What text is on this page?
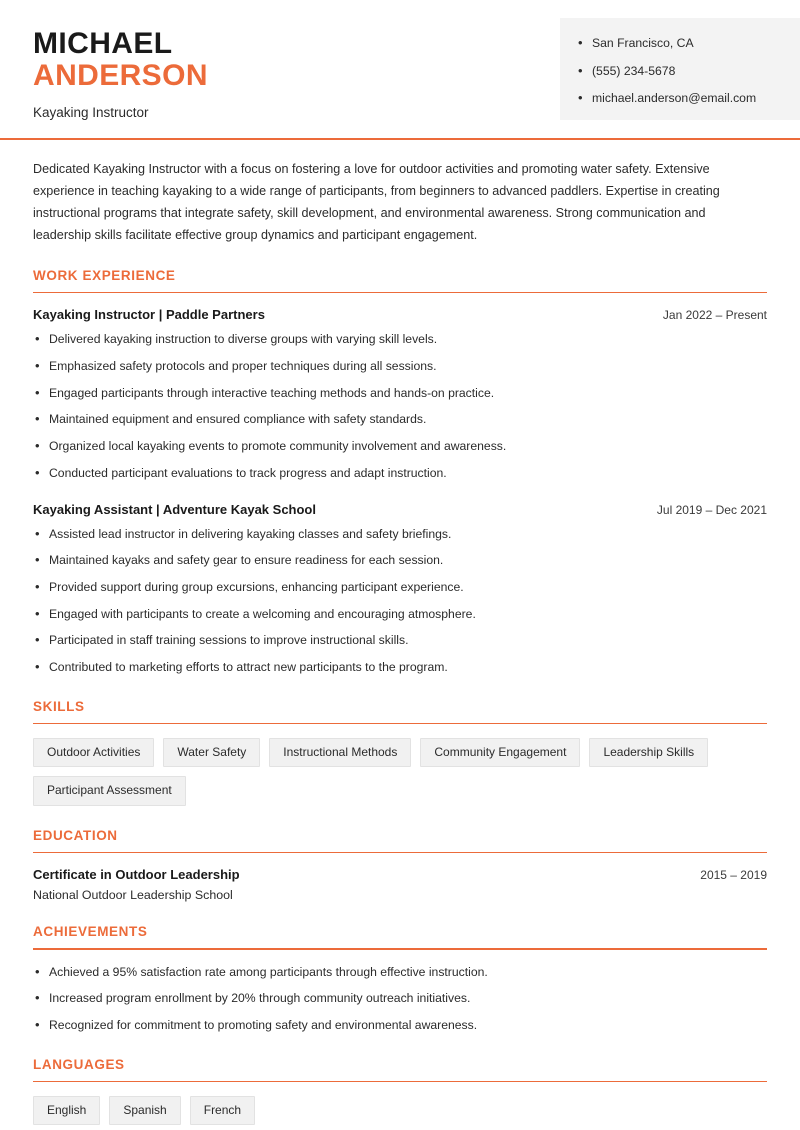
MICHAEL
ANDERSON
Kayaking Instructor
• San Francisco, CA
• (555) 234-5678
• michael.anderson@email.com
Dedicated Kayaking Instructor with a focus on fostering a love for outdoor activities and promoting water safety. Extensive experience in teaching kayaking to a wide range of participants, from beginners to advanced paddlers. Expertise in creating instructional programs that integrate safety, skill development, and environmental awareness. Strong communication and leadership skills facilitate effective group dynamics and participant engagement.
WORK EXPERIENCE
Kayaking Instructor | Paddle Partners	Jan 2022 – Present
• Delivered kayaking instruction to diverse groups with varying skill levels.
• Emphasized safety protocols and proper techniques during all sessions.
• Engaged participants through interactive teaching methods and hands-on practice.
• Maintained equipment and ensured compliance with safety standards.
• Organized local kayaking events to promote community involvement and awareness.
• Conducted participant evaluations to track progress and adapt instruction.
Kayaking Assistant | Adventure Kayak School	Jul 2019 – Dec 2021
• Assisted lead instructor in delivering kayaking classes and safety briefings.
• Maintained kayaks and safety gear to ensure readiness for each session.
• Provided support during group excursions, enhancing participant experience.
• Engaged with participants to create a welcoming and encouraging atmosphere.
• Participated in staff training sessions to improve instructional skills.
• Contributed to marketing efforts to attract new participants to the program.
SKILLS
Outdoor Activities	Water Safety	Instructional Methods	Community Engagement	Leadership Skills
Participant Assessment
EDUCATION
Certificate in Outdoor Leadership	2015 – 2019
National Outdoor Leadership School
ACHIEVEMENTS
• Achieved a 95% satisfaction rate among participants through effective instruction.
• Increased program enrollment by 20% through community outreach initiatives.
• Recognized for commitment to promoting safety and environmental awareness.
LANGUAGES
English	Spanish	French
